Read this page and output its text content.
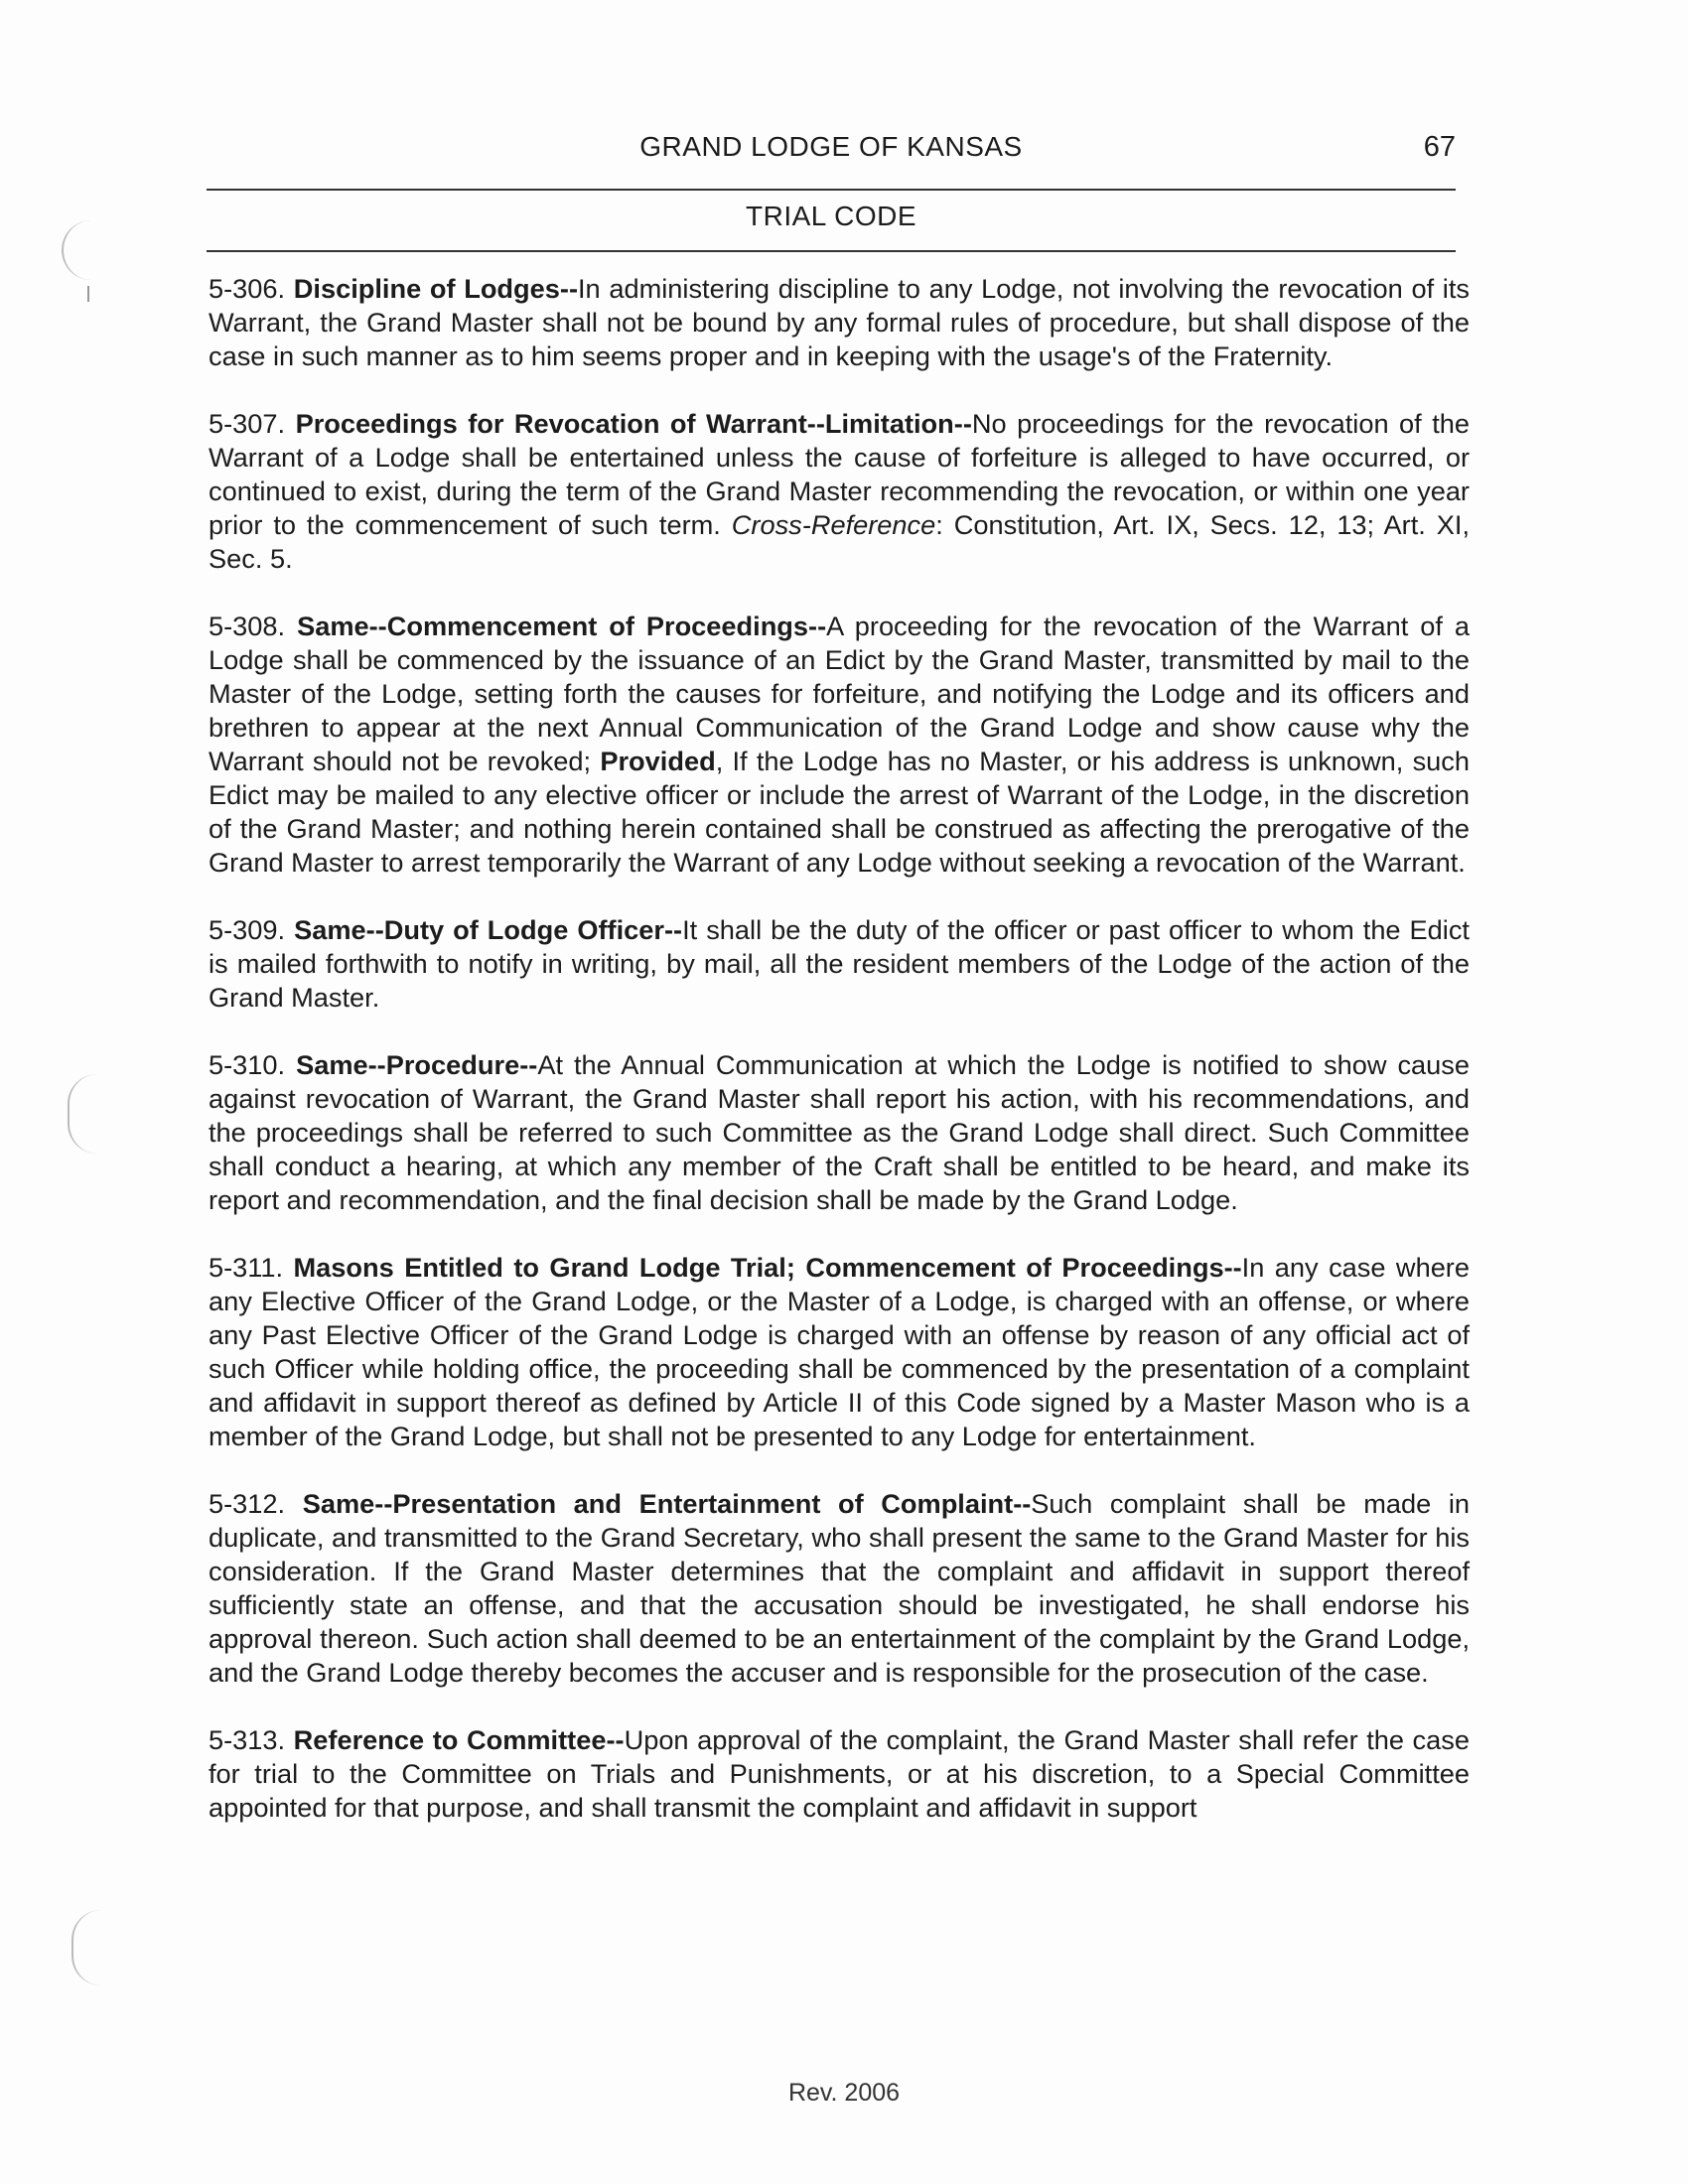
GRAND LODGE OF KANSAS	67
TRIAL CODE

5-306. Discipline of Lodges--In administering discipline to any Lodge, not involving the revocation of its Warrant, the Grand Master shall not be bound by any formal rules of procedure, but shall dispose of the case in such manner as to him seems proper and in keeping with the usage's of the Fraternity.

5-307. Proceedings for Revocation of Warrant--Limitation--No proceedings for the revocation of the Warrant of a Lodge shall be entertained unless the cause of forfeiture is alleged to have occurred, or continued to exist, during the term of the Grand Master recommending the revocation, or within one year prior to the commencement of such term. Cross-Reference: Constitution, Art. IX, Secs. 12, 13; Art. XI, Sec. 5.

5-308. Same--Commencement of Proceedings--A proceeding for the revocation of the Warrant of a Lodge shall be commenced by the issuance of an Edict by the Grand Master, transmitted by mail to the Master of the Lodge, setting forth the causes for forfeiture, and notifying the Lodge and its officers and brethren to appear at the next Annual Communication of the Grand Lodge and show cause why the Warrant should not be revoked; Provided, If the Lodge has no Master, or his address is unknown, such Edict may be mailed to any elective officer or include the arrest of Warrant of the Lodge, in the discretion of the Grand Master; and nothing herein contained shall be construed as affecting the prerogative of the Grand Master to arrest temporarily the Warrant of any Lodge without seeking a revocation of the Warrant.

5-309. Same--Duty of Lodge Officer--It shall be the duty of the officer or past officer to whom the Edict is mailed forthwith to notify in writing, by mail, all the resident members of the Lodge of the action of the Grand Master.

5-310. Same--Procedure--At the Annual Communication at which the Lodge is notified to show cause against revocation of Warrant, the Grand Master shall report his action, with his recommendations, and the proceedings shall be referred to such Committee as the Grand Lodge shall direct. Such Committee shall conduct a hearing, at which any member of the Craft shall be entitled to be heard, and make its report and recommendation, and the final decision shall be made by the Grand Lodge.

5-311. Masons Entitled to Grand Lodge Trial; Commencement of Proceedings--In any case where any Elective Officer of the Grand Lodge, or the Master of a Lodge, is charged with an offense, or where any Past Elective Officer of the Grand Lodge is charged with an offense by reason of any official act of such Officer while holding office, the proceeding shall be commenced by the presentation of a complaint and affidavit in support thereof as defined by Article II of this Code signed by a Master Mason who is a member of the Grand Lodge, but shall not be presented to any Lodge for entertainment.

5-312. Same--Presentation and Entertainment of Complaint--Such complaint shall be made in duplicate, and transmitted to the Grand Secretary, who shall present the same to the Grand Master for his consideration. If the Grand Master determines that the complaint and affidavit in support thereof sufficiently state an offense, and that the accusation should be investigated, he shall endorse his approval thereon. Such action shall deemed to be an entertainment of the complaint by the Grand Lodge, and the Grand Lodge thereby becomes the accuser and is responsible for the prosecution of the case.

5-313. Reference to Committee--Upon approval of the complaint, the Grand Master shall refer the case for trial to the Committee on Trials and Punishments, or at his discretion, to a Special Committee appointed for that purpose, and shall transmit the complaint and affidavit in support

Rev. 2006
